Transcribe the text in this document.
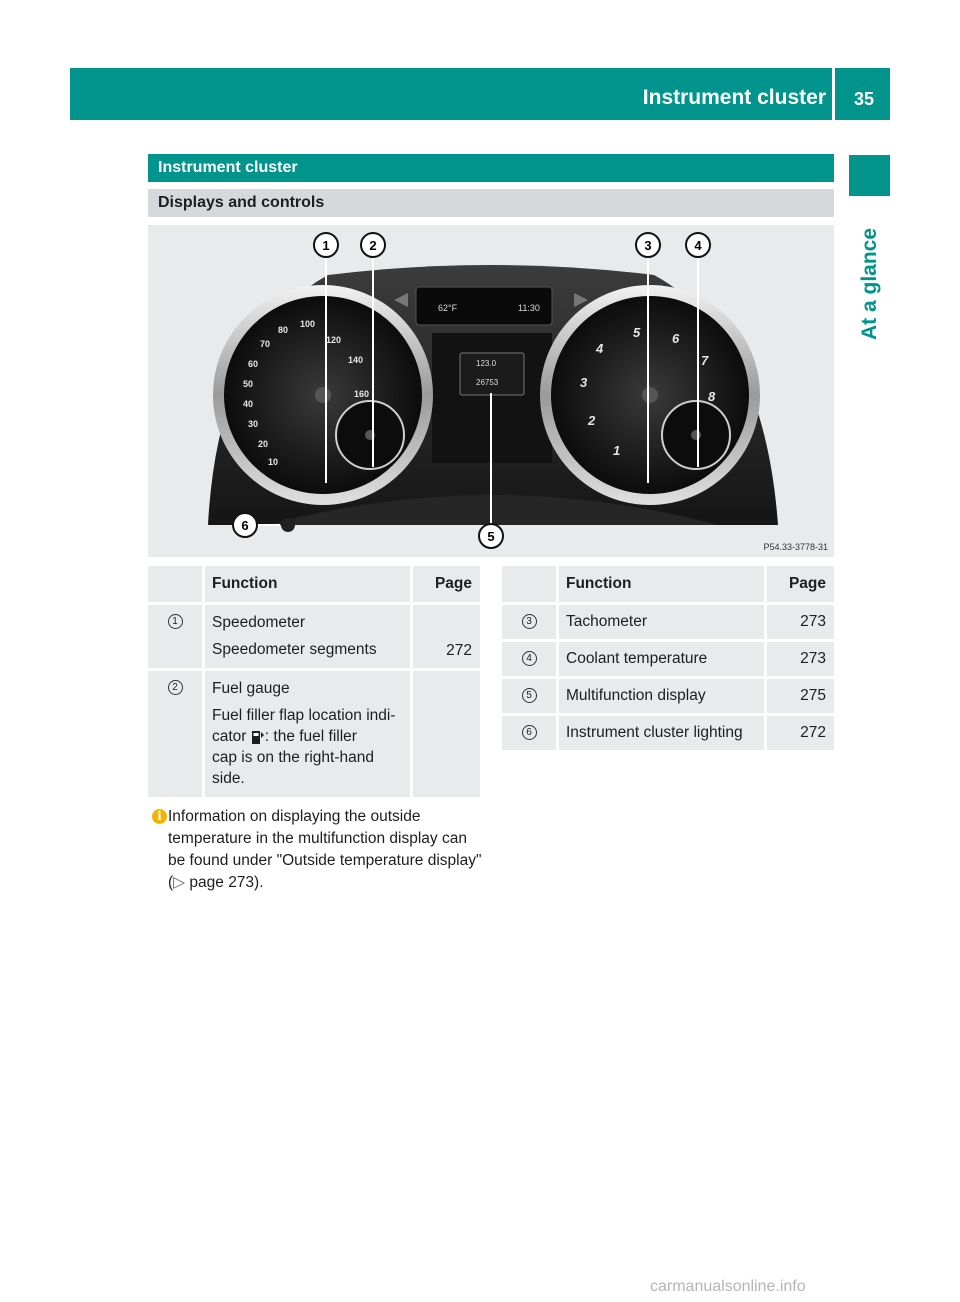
Instrument cluster	35
At a glance
Instrument cluster
Displays and controls
62°F	11:30
123.0
26753
10
20
30
40
50
60
70
80
100
120
140
160
1
2
3
4
5 6
7
8
1	2	3	4
5
6
P54.33-3778-31
	Function	Page
1	Speedometer
Speedometer segments	272
2	Fuel gauge
Fuel filler flap location indi-
cator : the fuel filler
cap is on the right-hand
side.	

	Function	Page
3	Tachometer	273
4	Coolant temperature	273
5	Multifunction display	275
6	Instrument cluster lighting	272
i Information on displaying the outside temperature in the multifunction display can be found under "Outside temperature display" (▷ page 273).
carmanualsonline.info
